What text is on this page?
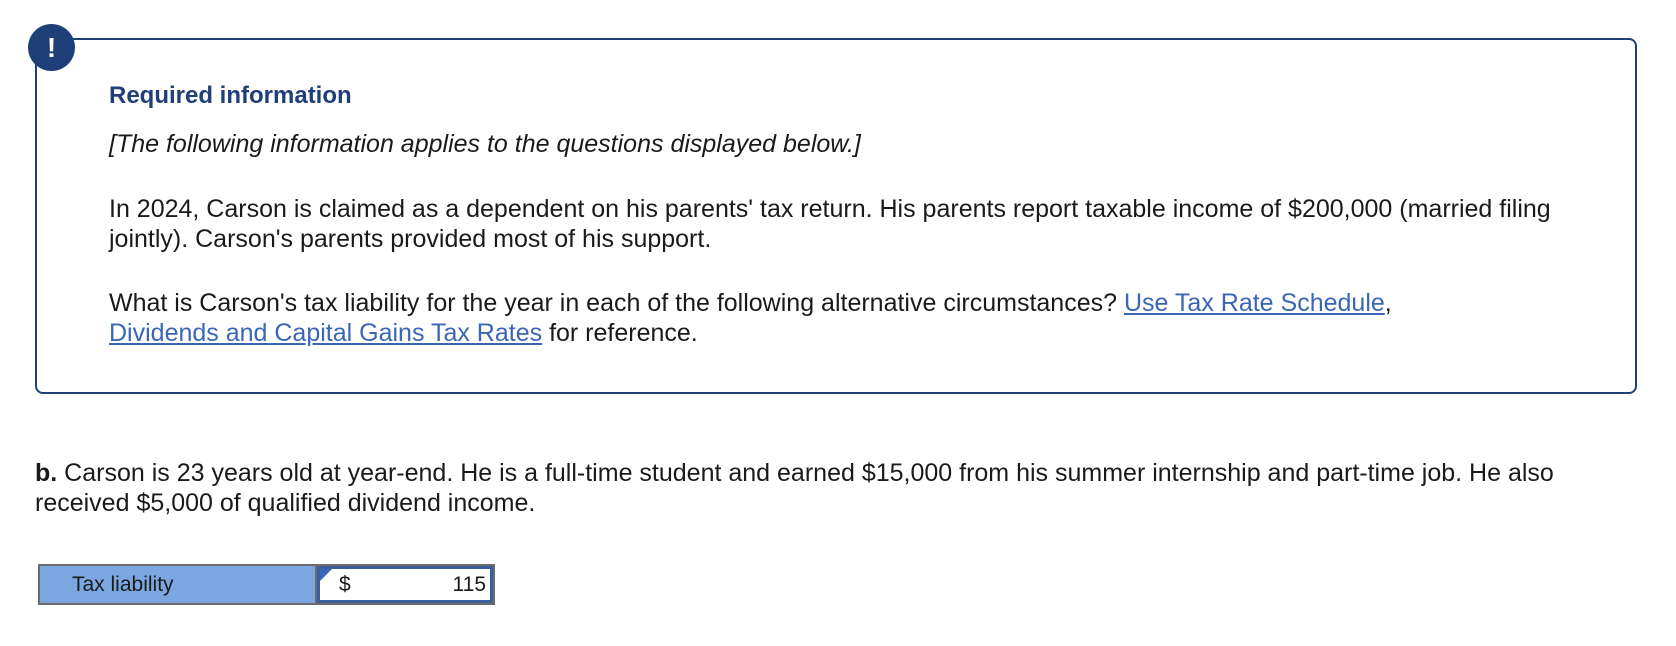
!
Required information

[The following information applies to the questions displayed below.]

In 2024, Carson is claimed as a dependent on his parents' tax return. His parents report taxable income of $200,000 (married filing jointly). Carson's parents provided most of his support.

What is Carson's tax liability for the year in each of the following alternative circumstances? Use Tax Rate Schedule,
Dividends and Capital Gains Tax Rates for reference.

b. Carson is 23 years old at year-end. He is a full-time student and earned $15,000 from his summer internship and part-time job. He also received $5,000 of qualified dividend income.

Tax liability	$
115
